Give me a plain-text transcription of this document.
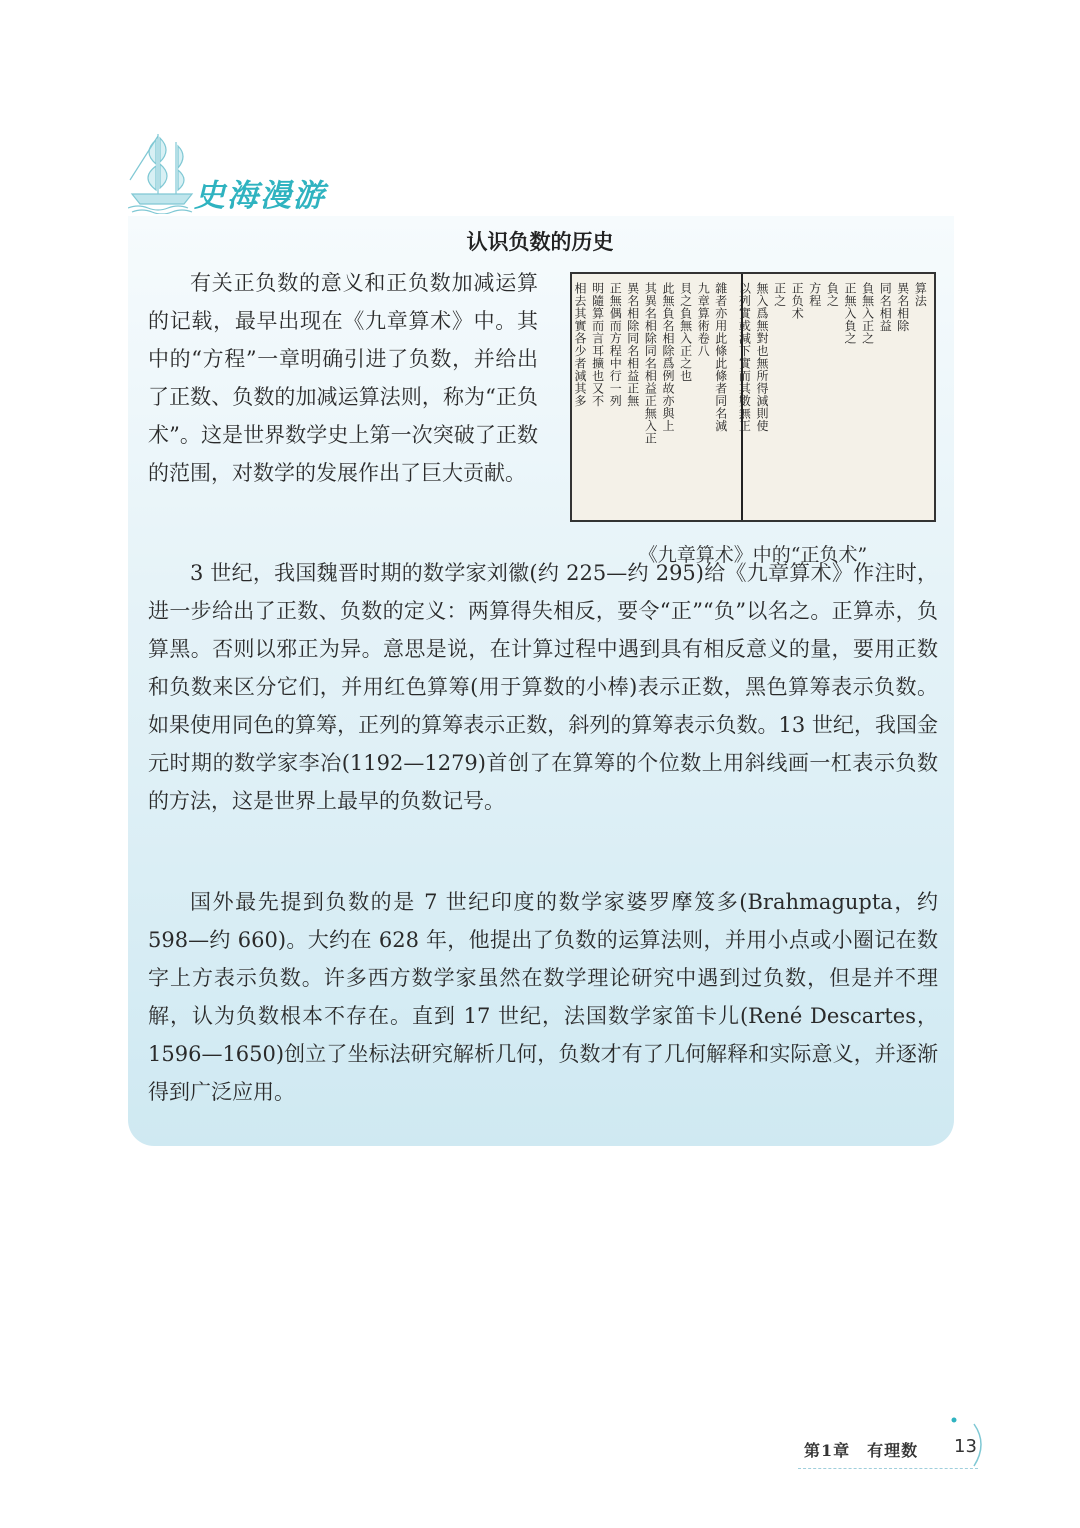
史海漫游
认识负数的历史

有关正负数的意义和正负数加减运算的记载，最早出现在《九章算术》中。其中的“方程”一章明确引进了负数，并给出了正数、负数的加减运算法则，称为“正负术”。这是世界数学史上第一次突破了正数的范围，对数学的发展作出了巨大贡献。

相去其實各少者減其多 明隨算而言耳擴也又不 正無偶而方程中行一列 異名相除同名相益正無 其異名相除同名相益正無入正 此無負名相除爲例故亦與上 貝之負無入正之也 九章算術卷八 雜者亦用此條此條者同名減 以列實或減下實而其數無正 無入爲無對也無所得減則使 正之 正负术 方程 負之 正無入負之 負無入正之 同名相益 異名相除 算法
《九章算术》中的“正负术”

3 世纪，我国魏晋时期的数学家刘徽(约 225—约 295)给《九章算术》作注时，进一步给出了正数、负数的定义：两算得失相反，要令“正”“负”以名之。正算赤，负算黑。否则以邪正为异。意思是说，在计算过程中遇到具有相反意义的量，要用正数和负数来区分它们，并用红色算筹(用于算数的小棒)表示正数，黑色算筹表示负数。如果使用同色的算筹，正列的算筹表示正数，斜列的算筹表示负数。13 世纪，我国金元时期的数学家李冶(1192—1279)首创了在算筹的个位数上用斜线画一杠表示负数的方法，这是世界上最早的负数记号。

国外最先提到负数的是 7 世纪印度的数学家婆罗摩笈多(Brahmagupta，约 598—约 660)。大约在 628 年，他提出了负数的运算法则，并用小点或小圈记在数字上方表示负数。许多西方数学家虽然在数学理论研究中遇到过负数，但是并不理解，认为负数根本不存在。直到 17 世纪，法国数学家笛卡儿(René Descartes，1596—1650)创立了坐标法研究解析几何，负数才有了几何解释和实际意义，并逐渐得到广泛应用。

第1章　有理数 13
